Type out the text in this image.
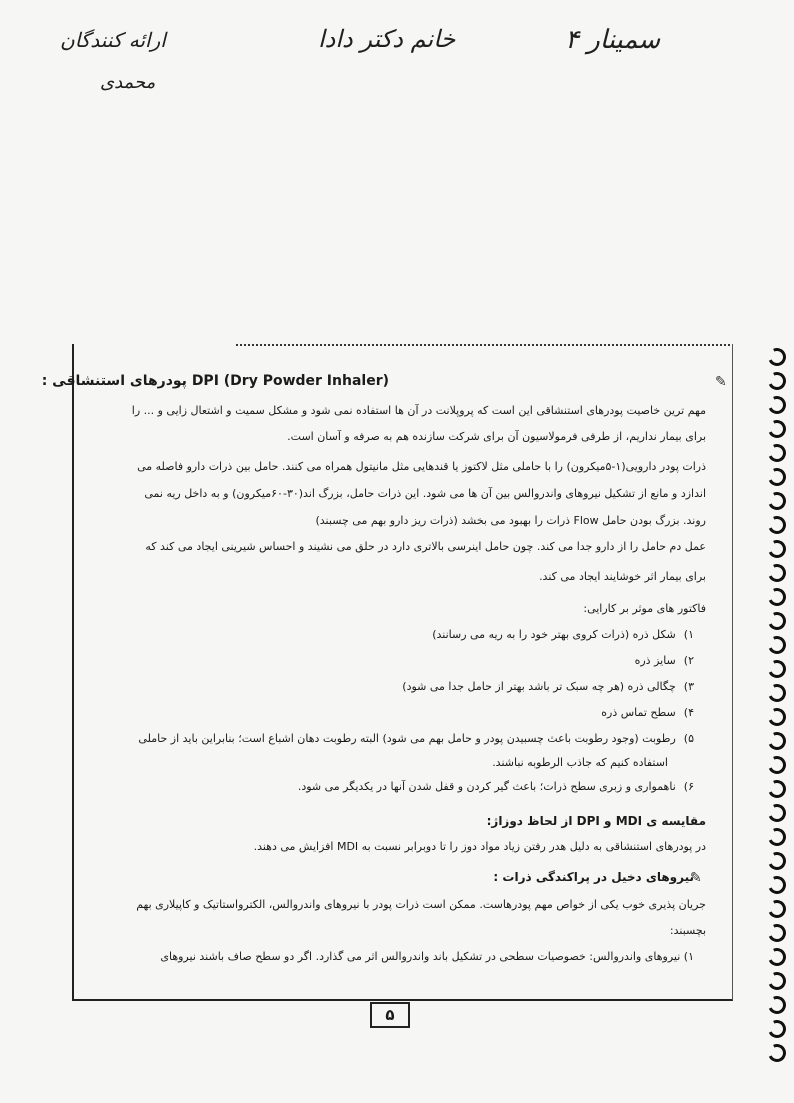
سمینار ۴
خانم دکتر دادا
ارائه کنندگان
محمدی
DPI (Dry Powder Inhaler) پودرهای استنشاقی :	✎
مهم ترین خاصیت پودرهای استنشاقی این است که پروپلانت در آن ها استفاده نمی شود و مشکل سمیت و اشتعال زایی و ... را
برای بیمار نداریم، از طرفی فرمولاسیون آن برای شرکت سازنده هم به صرفه و آسان است.
ذرات پودر دارویی(۱-۵میکرون) را با حاملی مثل لاکتوز یا قندهایی مثل مانیتول همراه می کنند. حامل بین ذرات دارو فاصله می
اندازد و مانع از تشکیل نیروهای واندروالس بین آن ها می شود. این ذرات حامل، بزرگ اند(۳۰-۶۰میکرون) و به داخل ریه نمی
روند. بزرگ بودن حامل Flow ذرات را بهبود می بخشد (ذرات ریز دارو بهم می چسبند)
عمل دم حامل را از دارو جدا می کند. چون حامل اینرسی بالاتری دارد در حلق می نشیند و احساس شیرینی ایجاد می کند که
برای بیمار اثر خوشایند ایجاد می کند.
فاکتور های موثر بر کارایی:
۱)شکل ذره (ذرات کروی بهتر خود را به ریه می رسانند)
۲)سایز ذره
۳)چگالی ذره (هر چه سبک تر باشد بهتر از حامل جدا می شود)
۴)سطح تماس ذره
۵)رطوبت (وجود رطوبت باعث چسبیدن پودر و حامل بهم می شود) البته رطوبت دهان اشباع است؛ بنابراین باید از حاملی
استفاده کنیم که جاذب الرطوبه نباشند.
۶)ناهمواری و زبری سطح ذرات؛ باعث گیر کردن و قفل شدن آنها در یکدیگر می شود.
مقایسه ی MDI و DPI از لحاظ دوزاژ:
در پودرهای استنشاقی به دلیل هدر رفتن زیاد مواد دوز را تا دوبرابر نسبت به MDI افزایش می دهند.
نیروهای دخیل در پراکندگی ذرات :
✎
جریان پذیری خوب یکی از خواص مهم پودرهاست. ممکن است ذرات پودر با نیروهای واندروالس، الکترواستاتیک و کاپیلاری بهم
بچسبند:
۱) نیروهای واندروالس: خصوصیات سطحی در تشکیل باند واندروالس اثر می گذارد. اگر دو سطح صاف باشند نیروهای
۵
